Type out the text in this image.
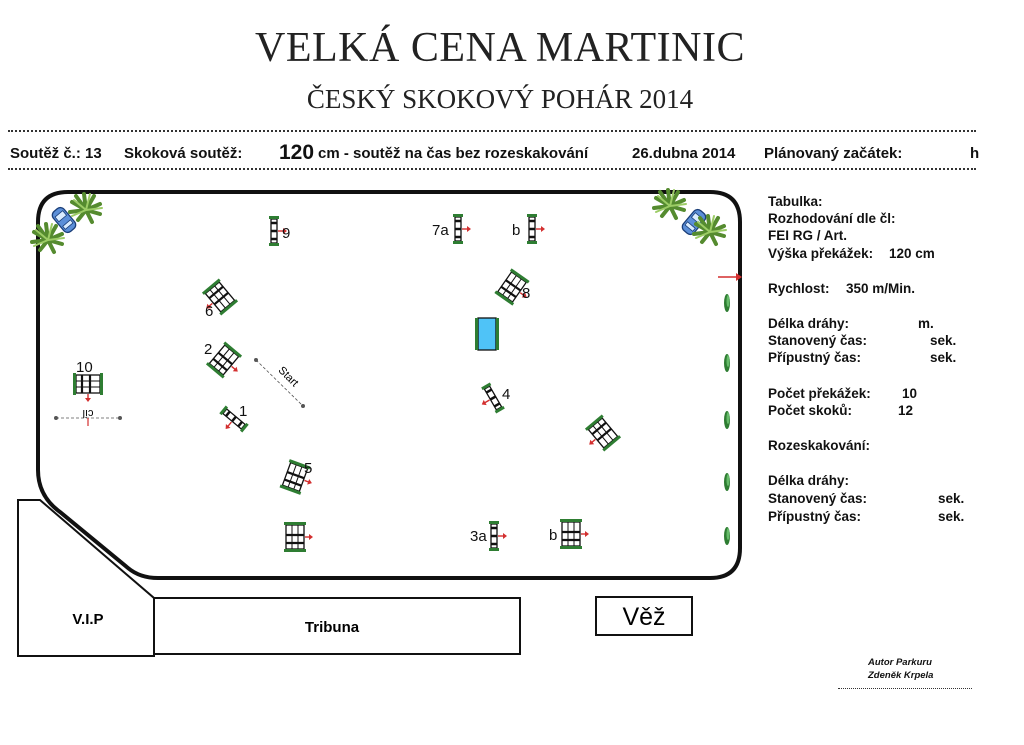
VELKÁ CENA MARTINIC
ČESKÝ SKOKOVÝ POHÁR 2014
Soutěž č.: 13 Skoková soutěž: 120 cm - soutěž na čas bez rozeskakování	26.dubna 2014 Plánovaný začátek:	h
V.I.P	Tribuna	Věž
Start
cíl
9	7a	b
8
6
2
10
1
4
5
3a	b
Tabulka:
Rozhodování dle čl:
FEI RG / Art.
Výška překážek: 120 cm
Rychlost: 350 m/Min.
Délka dráhy:	m.
Stanovený čas:	sek.
Přípustný čas:	sek.
Počet překážek: 10
Počet skoků:	12
Rozeskakování:
Délka dráhy:
Stanovený čas:	sek.
Přípustný čas:	sek.
Autor Parkuru
Zdeněk Krpela
